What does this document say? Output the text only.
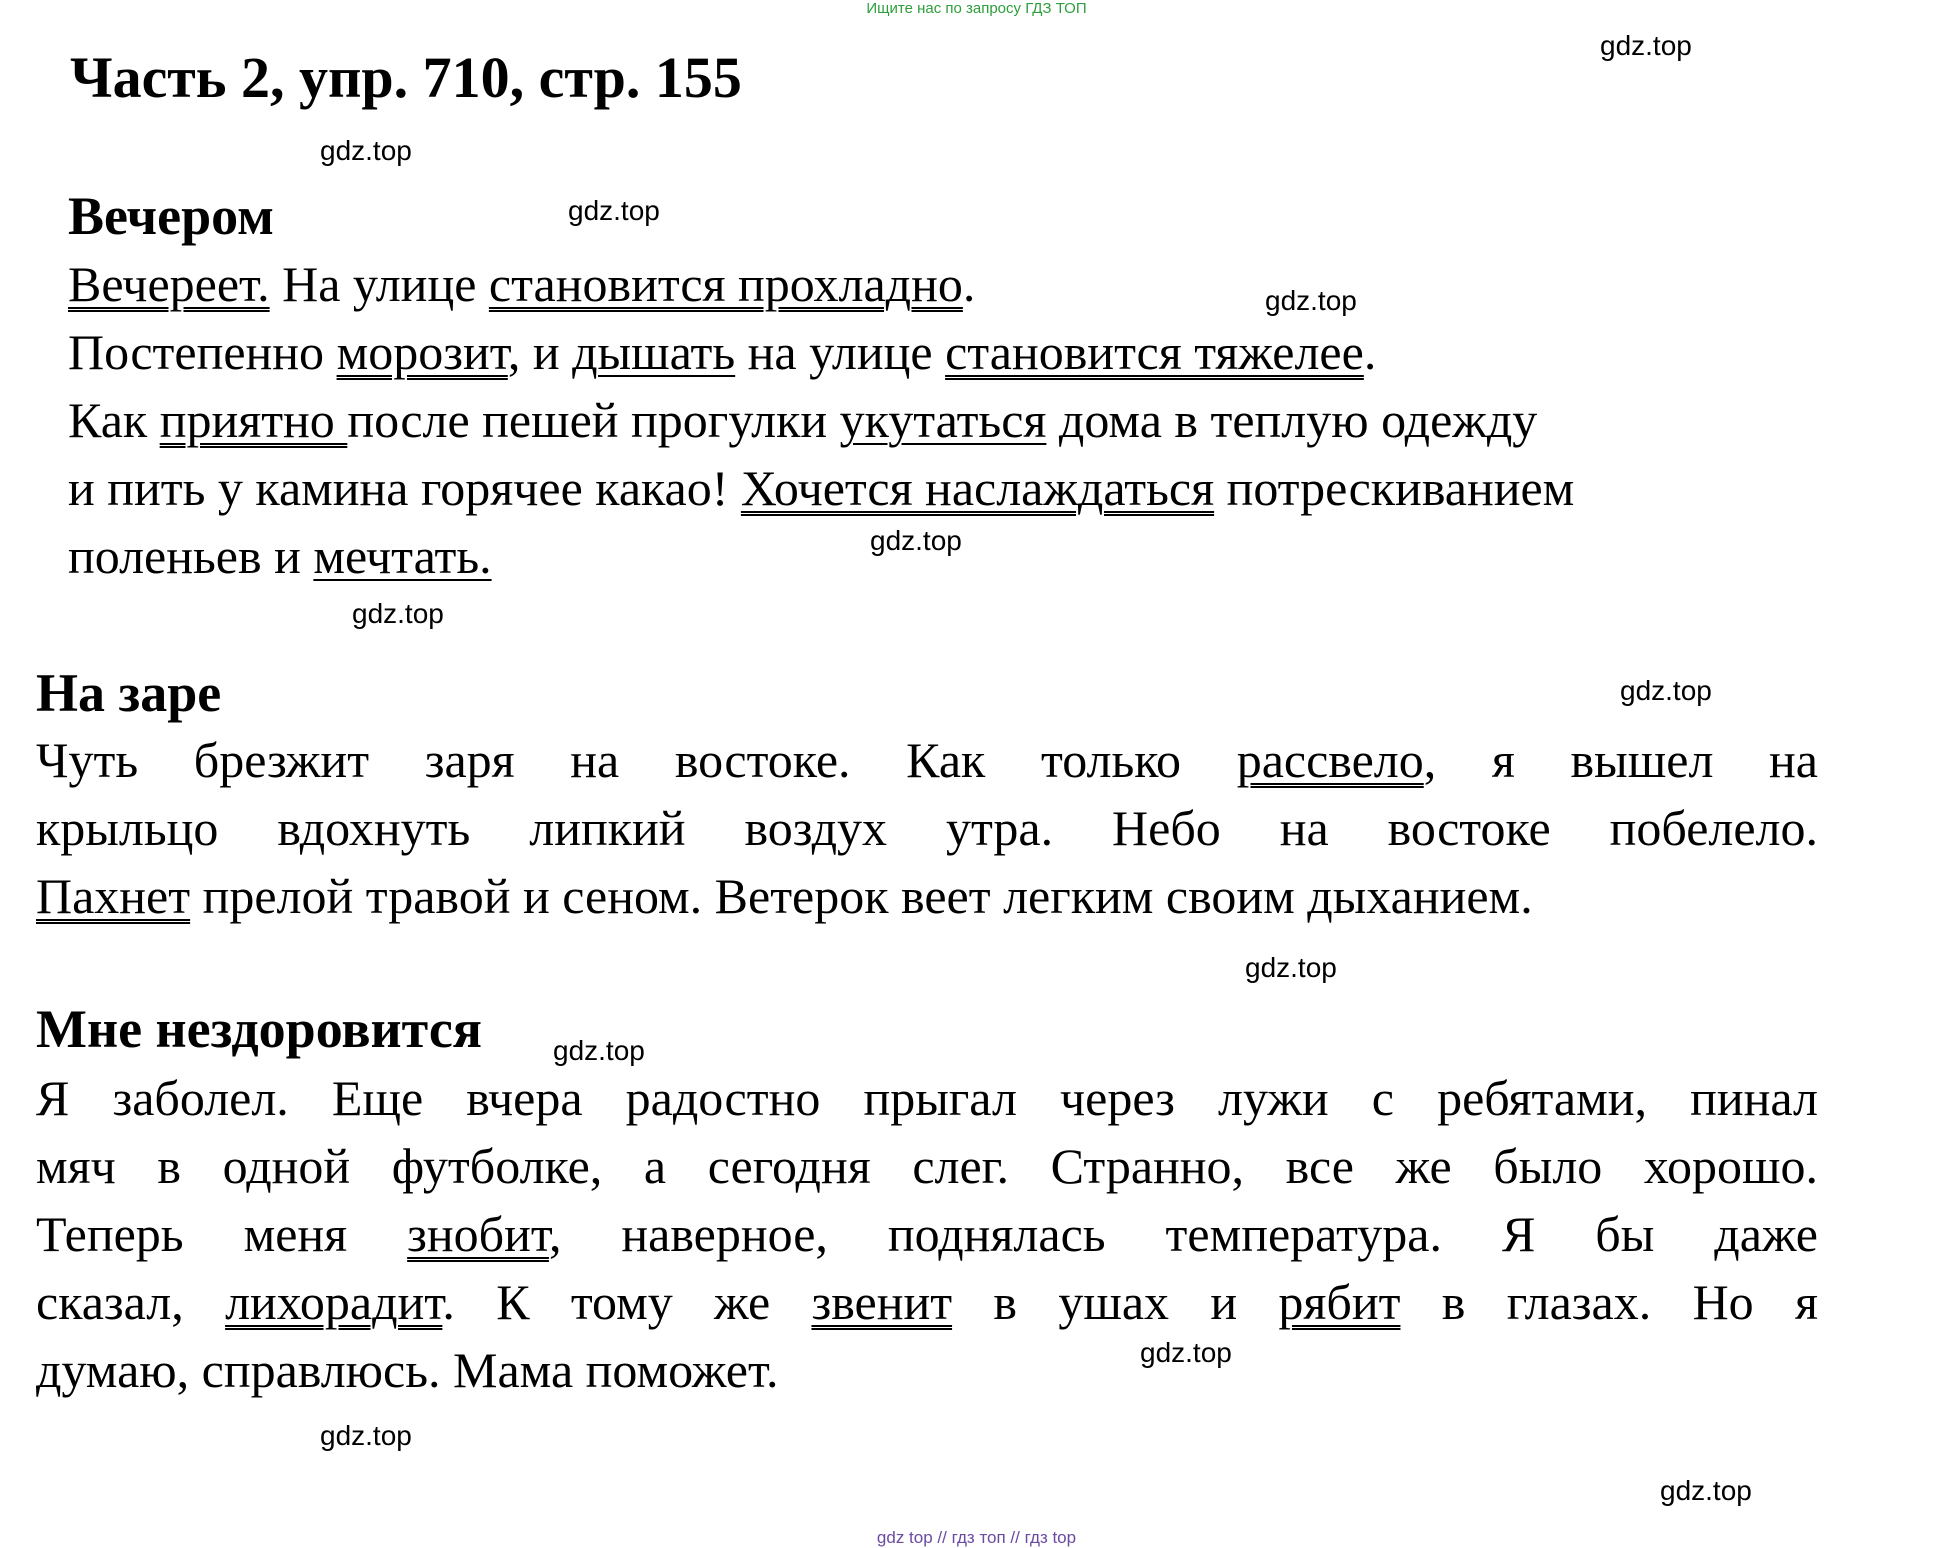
Ищите нас по запросу ГДЗ ТОП
Часть 2, упр. 710, стр. 155	gdz.top
gdz.top
gdz.top
gdz.top
gdz.top
gdz.top
gdz.top
gdz.top
gdz.top
gdz.top
gdz.top
gdz.top
Вечером
Вечереет. На улице становится прохладно.
Постепенно морозит, и дышать на улице становится тяжелее.
Как приятно после пешей прогулки укутаться дома в теплую одежду
и пить у камина горячее какао! Хочется наслаждаться потрескиванием
поленьев и мечтать.
На заре
Чуть брезжит заря на востоке. Как только рассвело, я вышел на
крыльцо вдохнуть липкий воздух утра. Небо на востоке побелело.
Пахнет прелой травой и сеном. Ветерок веет легким своим дыханием.
Мне нездоровится
Я заболел. Еще вчера радостно прыгал через лужи с ребятами, пинал
мяч в одной футболке, а сегодня слег. Странно, все же было хорошо.
Теперь меня знобит, наверное, поднялась температура. Я бы даже
сказал, лихорадит. К тому же звенит в ушах и рябит в глазах. Но я
думаю, справлюсь. Мама поможет.
gdz top // гдз топ // гдз top
